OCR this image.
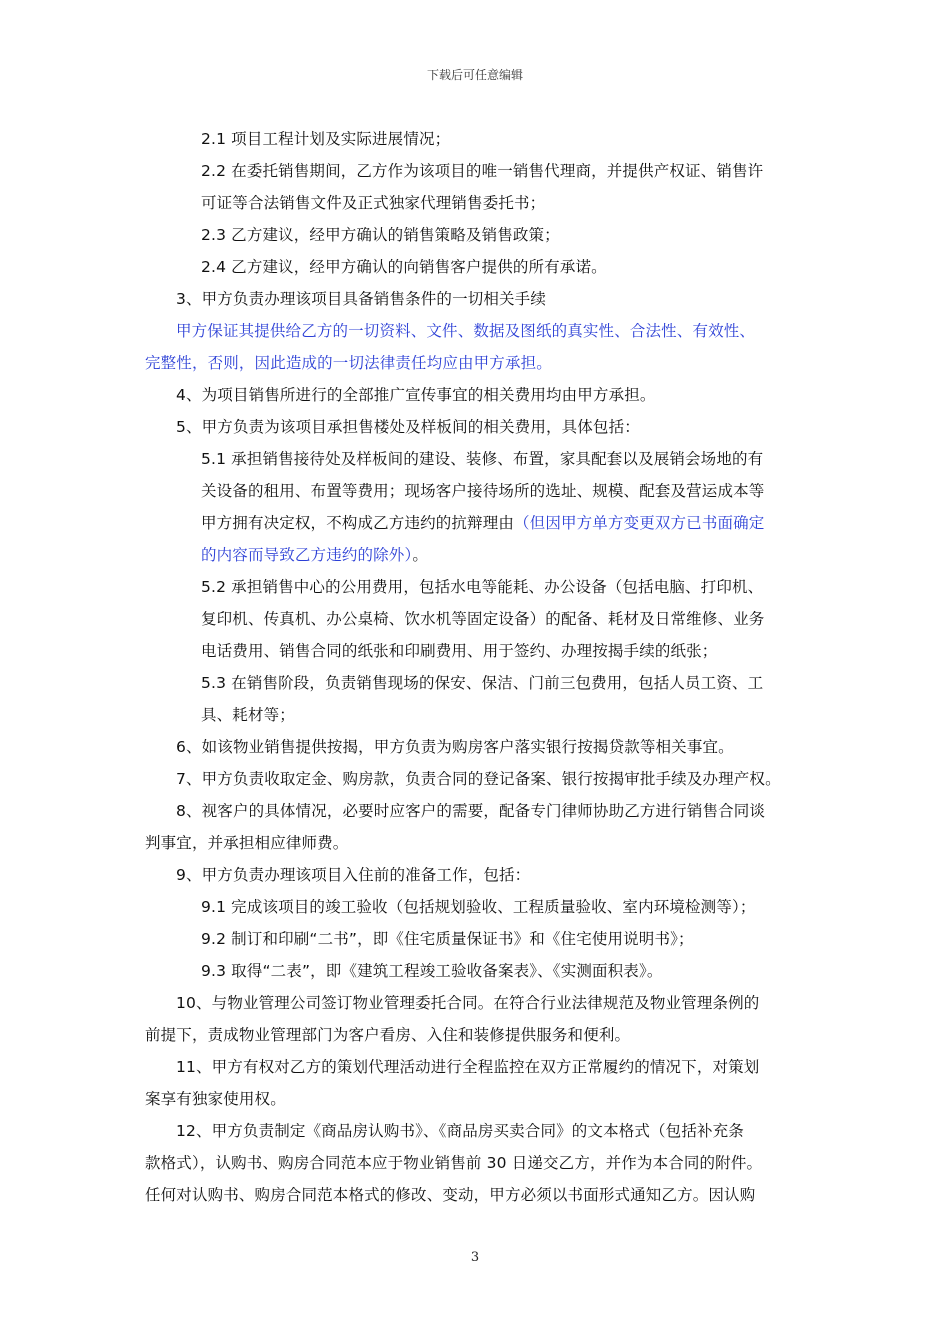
下载后可任意编辑
2.1 项目工程计划及实际进展情况；
2.2 在委托销售期间，乙方作为该项目的唯一销售代理商，并提供产权证、销售许
可证等合法销售文件及正式独家代理销售委托书；
2.3 乙方建议，经甲方确认的销售策略及销售政策；
2.4 乙方建议，经甲方确认的向销售客户提供的所有承诺。
3、甲方负责办理该项目具备销售条件的一切相关手续
甲方保证其提供给乙方的一切资料、文件、数据及图纸的真实性、合法性、有效性、
完整性，否则，因此造成的一切法律责任均应由甲方承担。
4、为项目销售所进行的全部推广宣传事宜的相关费用均由甲方承担。
5、甲方负责为该项目承担售楼处及样板间的相关费用，具体包括：
5.1 承担销售接待处及样板间的建设、装修、布置，家具配套以及展销会场地的有
关设备的租用、布置等费用；现场客户接待场所的选址、规模、配套及营运成本等
甲方拥有决定权，不构成乙方违约的抗辩理由（但因甲方单方变更双方已书面确定
的内容而导致乙方违约的除外）。
5.2 承担销售中心的公用费用，包括水电等能耗、办公设备（包括电脑、打印机、
复印机、传真机、办公桌椅、饮水机等固定设备）的配备、耗材及日常维修、业务
电话费用、销售合同的纸张和印刷费用、用于签约、办理按揭手续的纸张；
5.3 在销售阶段，负责销售现场的保安、保洁、门前三包费用，包括人员工资、工
具、耗材等；
6、如该物业销售提供按揭，甲方负责为购房客户落实银行按揭贷款等相关事宜。
7、甲方负责收取定金、购房款，负责合同的登记备案、银行按揭审批手续及办理产权。
8、视客户的具体情况，必要时应客户的需要，配备专门律师协助乙方进行销售合同谈
判事宜，并承担相应律师费。
9、甲方负责办理该项目入住前的准备工作，包括：
9.1 完成该项目的竣工验收（包括规划验收、工程质量验收、室内环境检测等）；
9.2 制订和印刷“二书”，即《住宅质量保证书》和《住宅使用说明书》；
9.3 取得“二表”，即《建筑工程竣工验收备案表》、《实测面积表》。
10、与物业管理公司签订物业管理委托合同。在符合行业法律规范及物业管理条例的
前提下，责成物业管理部门为客户看房、入住和装修提供服务和便利。
11、甲方有权对乙方的策划代理活动进行全程监控在双方正常履约的情况下，对策划
案享有独家使用权。
12、甲方负责制定《商品房认购书》、《商品房买卖合同》的文本格式（包括补充条
款格式），认购书、购房合同范本应于物业销售前 30 日递交乙方，并作为本合同的附件。
任何对认购书、购房合同范本格式的修改、变动，甲方必须以书面形式通知乙方。因认购
3
